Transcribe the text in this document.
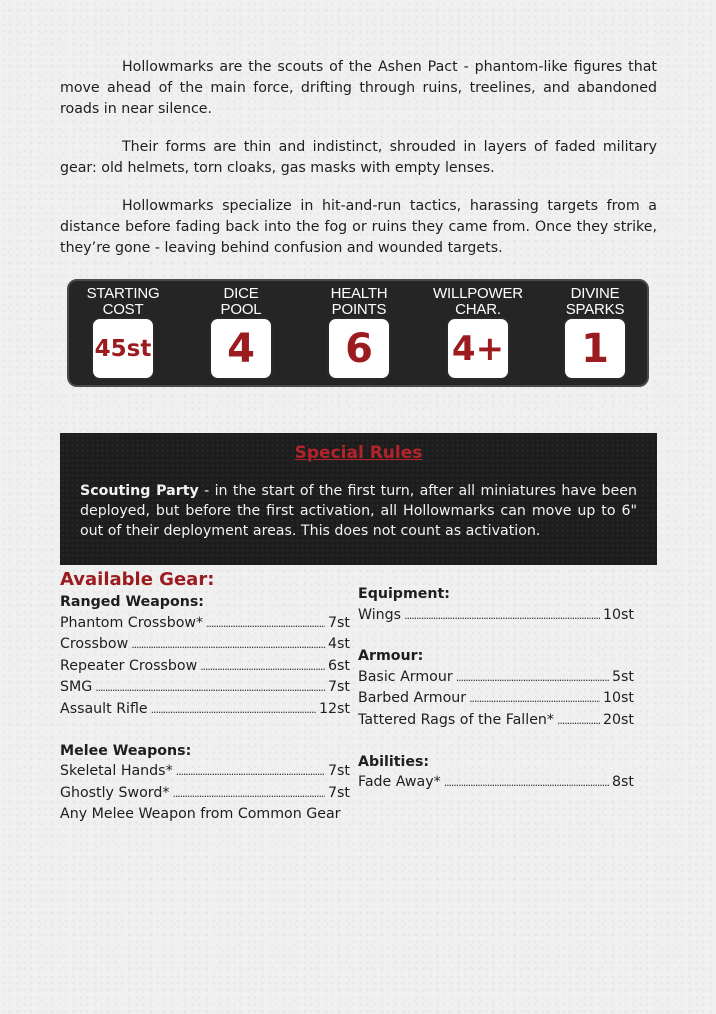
Hollowmarks are the scouts of the Ashen Pact - phantom-like figures that move ahead of the main force, drifting through ruins, treelines, and abandoned roads in near silence.

Their forms are thin and indistinct, shrouded in layers of faded military gear: old helmets, torn cloaks, gas masks with empty lenses.

Hollowmarks specialize in hit-and-run tactics, harassing targets from a distance before fading back into the fog or ruins they came from. Once they strike, they’re gone - leaving behind confusion and wounded targets.

STARTING
COST
45st
DICE
POOL
4
HEALTH
POINTS
6
WILLPOWER
CHAR.
4+
DIVINE
SPARKS
1
Special Rules
Scouting Party - in the start of the first turn, after all miniatures have been deployed, but before the first activation, all Hollowmarks can move up to 6" out of their deployment areas. This does not count as activation.
Available Gear:
Ranged Weapons:
Phantom Crossbow* . . .	7st
Crossbow . . .	4st
Repeater Crossbow . . .	6st
SMG . . .	7st
Assault Rifle . . .	12st
Melee Weapons:
Skeletal Hands* . . .	7st
Ghostly Sword* . . .	7st
Any Melee Weapon from Common Gear
Equipment:
Wings . . .	10st
Armour:
Basic Armour . . .	5st
Barbed Armour . . .	10st
Tattered Rags of the Fallen* . . .	20st
Abilities:
Fade Away* . . .	8st
